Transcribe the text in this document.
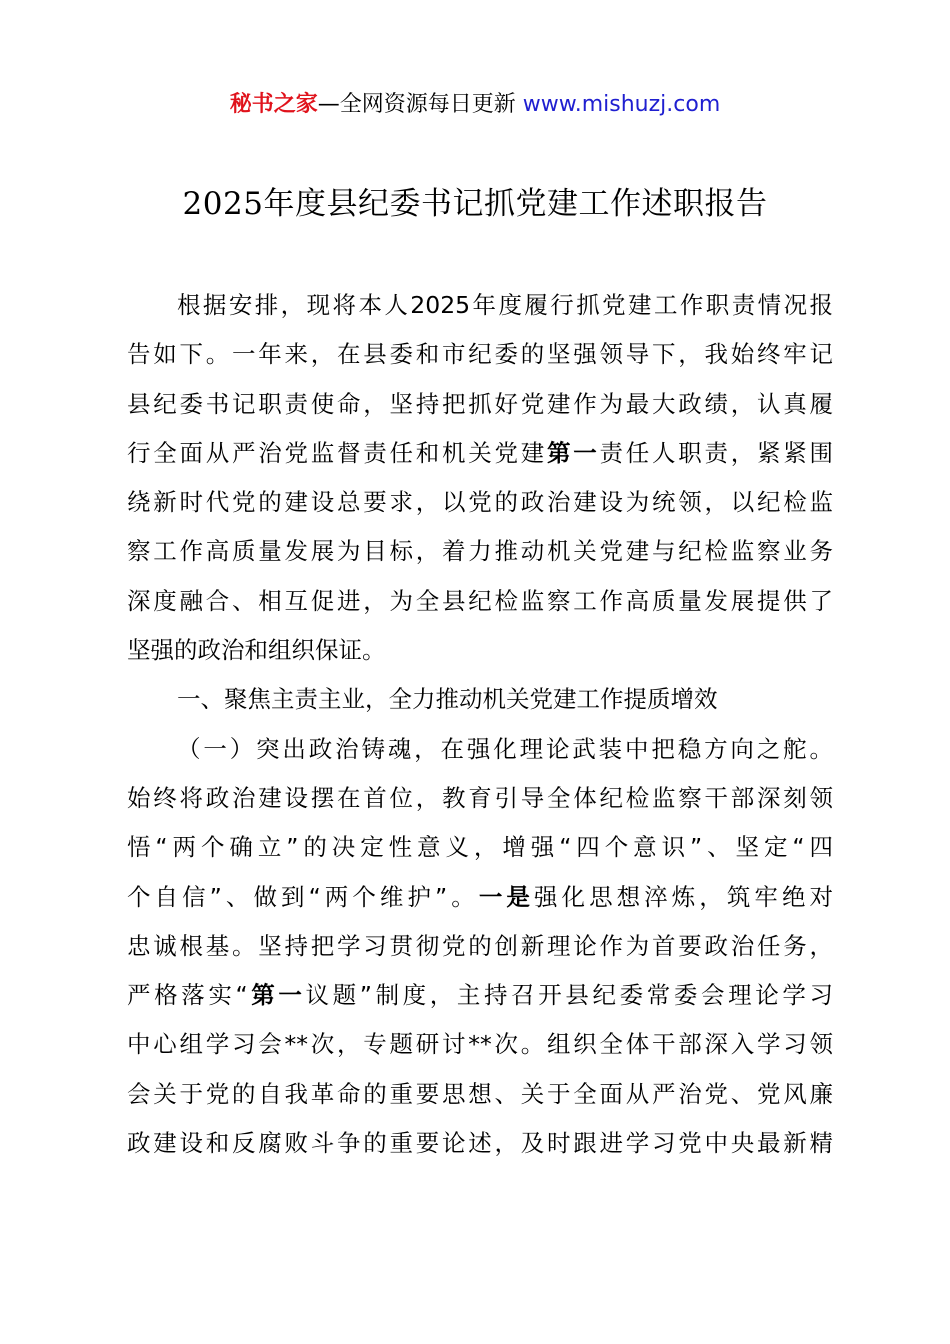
秘书之家—全网资源每日更新 www.mishuzj.com
2025年度县纪委书记抓党建工作述职报告
根据安排，现将本人2025年度履行抓党建工作职责情况报
告如下。一年来，在县委和市纪委的坚强领导下，我始终牢记
县纪委书记职责使命，坚持把抓好党建作为最大政绩，认真履
行全面从严治党监督责任和机关党建第一责任人职责，紧紧围
绕新时代党的建设总要求，以党的政治建设为统领，以纪检监
察工作高质量发展为目标，着力推动机关党建与纪检监察业务
深度融合、相互促进，为全县纪检监察工作高质量发展提供了
坚强的政治和组织保证。
一、聚焦主责主业，全力推动机关党建工作提质增效
（一）突出政治铸魂，在强化理论武装中把稳方向之舵。
始终将政治建设摆在首位，教育引导全体纪检监察干部深刻领
悟“两个确立”的决定性意义，增强“四个意识”、坚定“四
个自信”、做到“两个维护”。一是强化思想淬炼，筑牢绝对
忠诚根基。坚持把学习贯彻党的创新理论作为首要政治任务，
严格落实“第一议题”制度，主持召开县纪委常委会理论学习
中心组学习会**次，专题研讨**次。组织全体干部深入学习领
会关于党的自我革命的重要思想、关于全面从严治党、党风廉
政建设和反腐败斗争的重要论述，及时跟进学习党中央最新精
